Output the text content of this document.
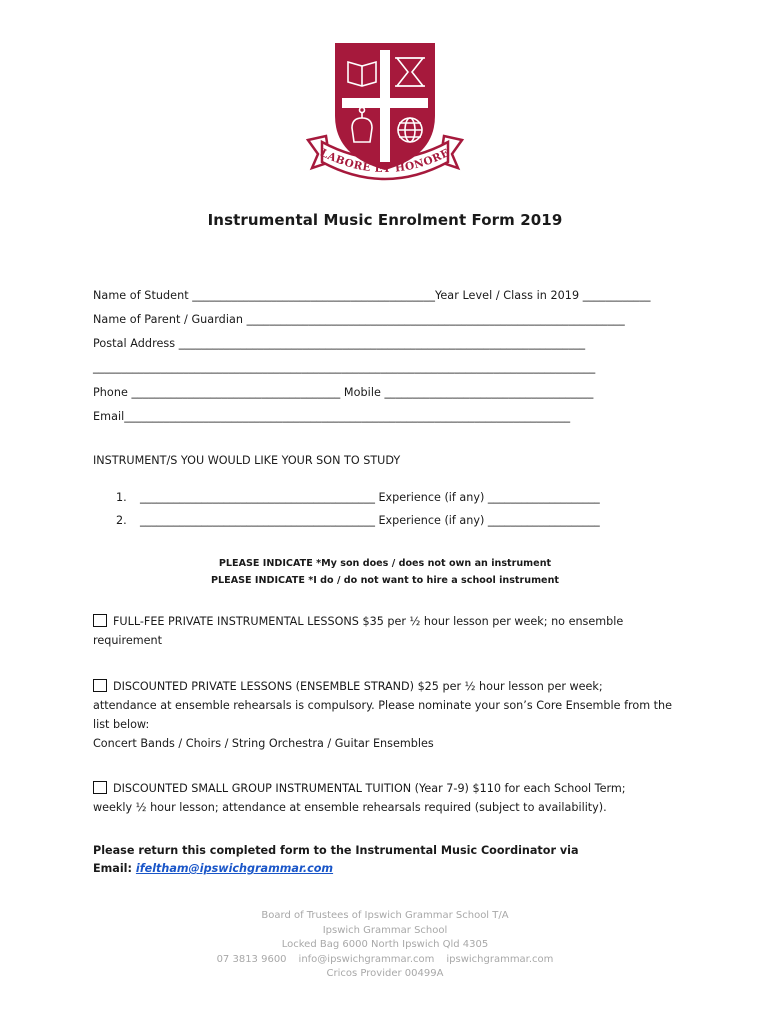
LABORE ET HONORE
Instrumental Music Enrolment Form 2019
Name of Student ___________________________________________Year Level / Class in 2019 ____________
Name of Parent / Guardian ___________________________________________________________________
Postal Address ________________________________________________________________________
_________________________________________________________________________________________
Phone _____________________________________ Mobile _____________________________________
Email_______________________________________________________________________________
INSTRUMENT/S YOU WOULD LIKE YOUR SON TO STUDY
1. __________________________________________ Experience (if any) ____________________
2. __________________________________________ Experience (if any) ____________________
PLEASE INDICATE *My son does / does not own an instrument
PLEASE INDICATE *I do / do not want to hire a school instrument
FULL-FEE PRIVATE INSTRUMENTAL LESSONS $35 per ½ hour lesson per week; no ensemble
requirement
DISCOUNTED PRIVATE LESSONS (ENSEMBLE STRAND) $25 per ½ hour lesson per week;
attendance at ensemble rehearsals is compulsory. Please nominate your son’s Core Ensemble from the
list below:
Concert Bands / Choirs / String Orchestra / Guitar Ensembles
DISCOUNTED SMALL GROUP INSTRUMENTAL TUITION (Year 7-9) $110 for each School Term;
weekly ½ hour lesson; attendance at ensemble rehearsals required (subject to availability).
Please return this completed form to the Instrumental Music Coordinator via
Email: ifeltham@ipswichgrammar.com
Board of Trustees of Ipswich Grammar School T/A
Ipswich Grammar School
Locked Bag 6000 North Ipswich Qld 4305
07 3813 9600 info@ipswichgrammar.com ipswichgrammar.com
Cricos Provider 00499A
